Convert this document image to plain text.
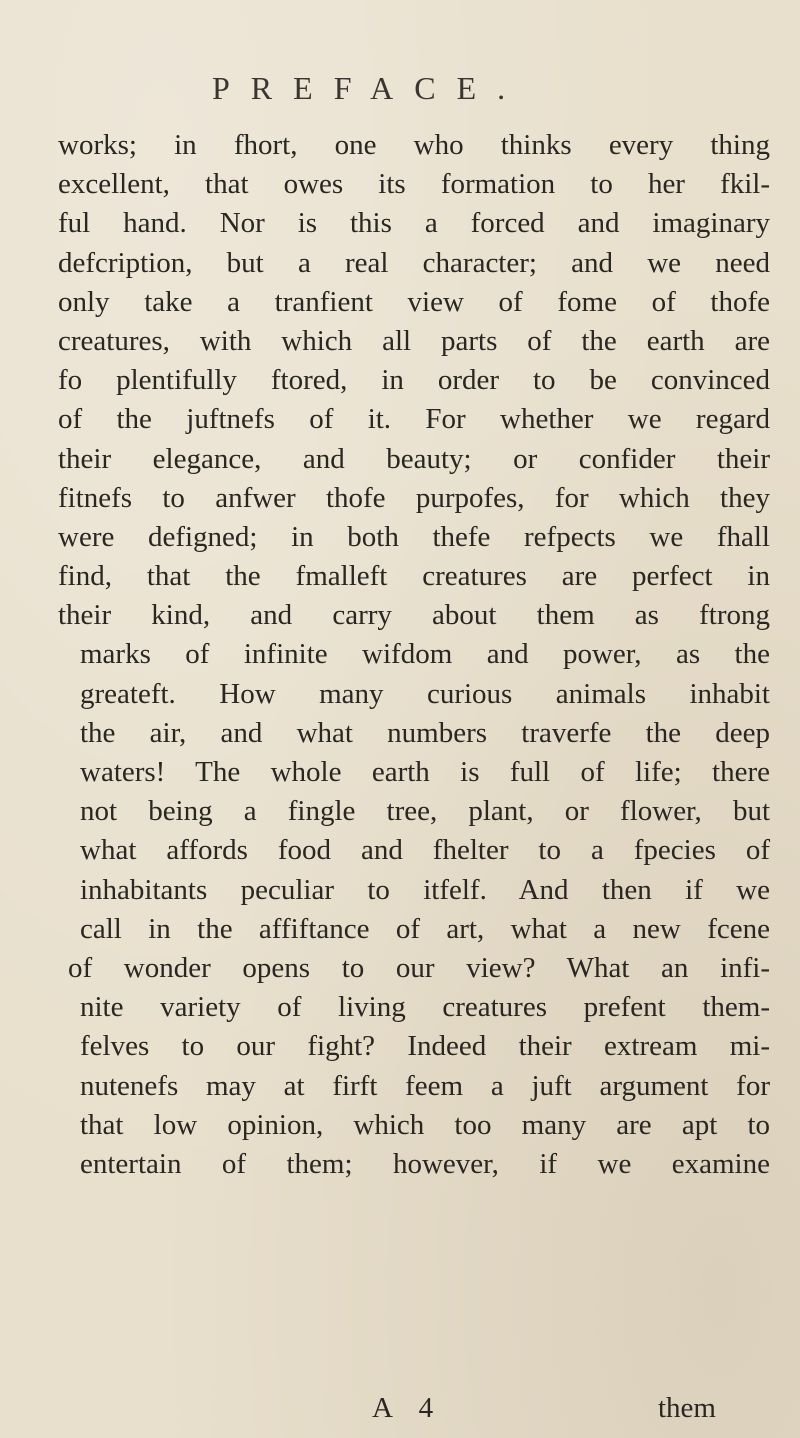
PREFACE.
works; in fhort, one who thinks every thing
excellent, that owes its formation to her fkil-
ful hand. Nor is this a forced and imaginary
defcription, but a real character; and we need
only take a tranfient view of fome of thofe
creatures, with which all parts of the earth are
fo plentifully ftored, in order to be convinced
of the juftnefs of it. For whether we regard
their elegance, and beauty; or confider their
fitnefs to anfwer thofe purpofes, for which they
were defigned; in both thefe refpects we fhall
find, that the fmalleft creatures are perfect in
their kind, and carry about them as ftrong
marks of infinite wifdom and power, as the
greateft. How many curious animals inhabit
the air, and what numbers traverfe the deep
waters! The whole earth is full of life; there
not being a fingle tree, plant, or flower, but
what affords food and fhelter to a fpecies of
inhabitants peculiar to itfelf. And then if we
call in the affiftance of art, what a new fcene
of wonder opens to our view? What an infi-
nite variety of living creatures prefent them-
felves to our fight? Indeed their extream mi-
nutenefs may at firft feem a juft argument for
that low opinion, which too many are apt to
entertain of them; however, if we examine
A 4	them
